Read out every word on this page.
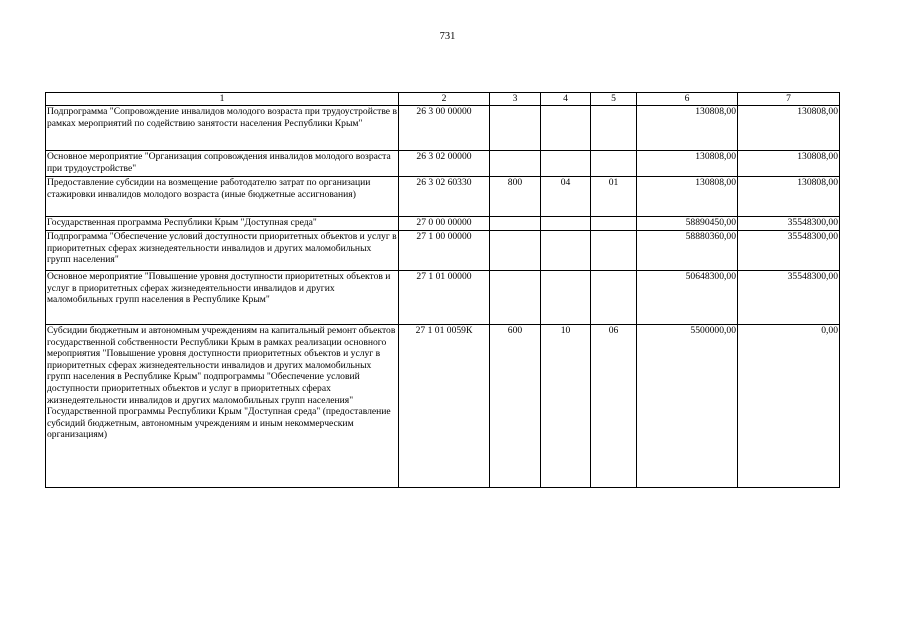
731
1	2	3	4	5	6	7
Подпрограмма "Сопровождение инвалидов молодого возраста при трудоустройстве в рамках мероприятий по содействию занятости населения Республики Крым"	26 3 00 00000				130808,00	130808,00
Основное мероприятие "Организация сопровождения инвалидов молодого возраста при трудоустройстве"	26 3 02 00000				130808,00	130808,00
Предоставление субсидии на возмещение работодателю затрат по организации стажировки инвалидов молодого возраста (иные бюджетные ассигнования)	26 3 02 60330	800	04	01	130808,00	130808,00
Государственная программа Республики Крым "Доступная среда"	27 0 00 00000				58890450,00	35548300,00
Подпрограмма "Обеспечение условий доступности приоритетных объектов и услуг в приоритетных сферах жизнедеятельности инвалидов и других маломобильных групп населения"	27 1 00 00000				58880360,00	35548300,00
Основное мероприятие "Повышение уровня доступности приоритетных объектов и услуг в приоритетных сферах жизнедеятельности инвалидов и других маломобильных групп населения в Республике Крым"	27 1 01 00000				50648300,00	35548300,00
Субсидии бюджетным и автономным учреждениям на капитальный ремонт объектов государственной собственности Республики Крым в рамках реализации основного мероприятия "Повышение уровня доступности приоритетных объектов и услуг в приоритетных сферах жизнедеятельности инвалидов и других маломобильных групп населения в Республике Крым" подпрограммы "Обеспечение условий доступности приоритетных объектов и услуг в приоритетных сферах жизнедеятельности инвалидов и других маломобильных групп населения" Государственной программы Республики Крым "Доступная среда" (предоставление субсидий бюджетным, автономным учреждениям и иным некоммерческим организациям)	27 1 01 0059К	600	10	06	5500000,00	0,00
